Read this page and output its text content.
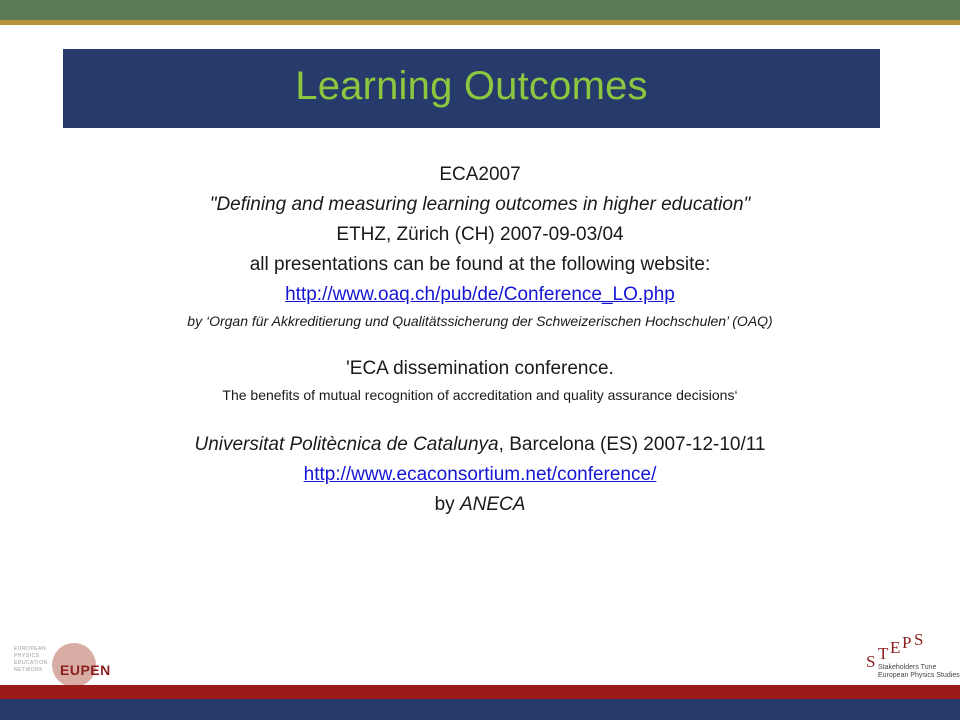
Learning Outcomes

ECA2007

"Defining and measuring learning outcomes in higher education"

ETHZ, Zürich (CH) 2007-09-03/04

all presentations can be found at the following website:

http://www.oaq.ch/pub/de/Conference_LO.php

by ‘Organ für Akkreditierung und Qualitätssicherung der Schweizerischen Hochschulen’ (OAQ)

'ECA dissemination conference.

The benefits of mutual recognition of accreditation and quality assurance decisions‘

Universitat Politècnica de Catalunya, Barcelona (ES) 2007-12-10/11

http://www.ecaconsortium.net/conference/

by ANECA

EUROPEAN
PHYSICS
EDUCATION
NETWORK	EUPEN	S T E P S
Stakeholders Tune
European Physics Studies
